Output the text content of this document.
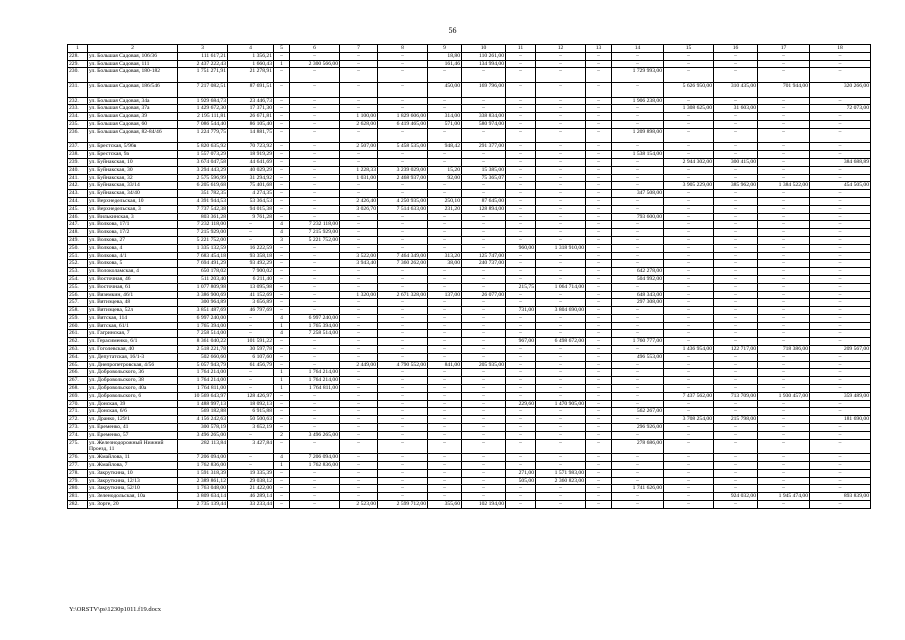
56
1	2	3	4	5	6	7	8	9	10	11	12	13	14	15	16	17	18
228.	ул. Большая Садовая, 106/36	111 617,21	1 356,21	–	–	–	–	18,80	110 261,00	–	–	–	–	–	–	–	–
229.	ул. Большая Садовая, 111	2 437 222,43	1 660,43	1	2 300 566,00	–	–	161,46	134 994,00	–	–	–	–	–	–	–	–
230.	ул. Большая Садовая, 180-182	1 751 271,91	21 278,91	–	–	–	–	–	–	–	–	–	1 729 993,00	–	–	–	–
231.	ул. Большая Садовая, 186/546	7 217 082,51	87 691,51	–	–	–	–	450,00	169 796,00	–	–	–	–	5 626 950,00	310 435,00	701 944,00	320 266,00
232.	ул. Большая Садовая, 34а	1 929 684,73	23 446,73	–	–	–	–	–	–	–	–	–	1 906 238,00	–	–	–	–
233.	ул. Большая Садовая, 37а	1 429 672,30	17 371,30	–	–	–	–	–	–	–	–	–	–	1 308 625,00	31 603,00	–	72 073,00
234.	ул. Большая Садовая, 39	2 195 111,81	26 671,81	–	–	1 100,00	1 829 606,00	314,00	338 834,00	–	–	–	–	–	–	–	–
235.	ул. Большая Садовая, 60	7 086 544,40	86 105,40	–	–	2 628,00	6 419 465,00	571,00	580 974,00	–	–	–	–	–	–	–	–
236.	ул. Большая Садовая, 82-84/46	1 224 779,75	14 881,75	–	–	–	–	–	–	–	–	–	1 209 898,00	–	–	–	–
237.	ул. Брестская, 5/96в	5 820 635,92	70 723,92	–	–	2 507,00	5 458 535,00	948,42	291 377,00	–	–	–	–	–	–	–	–
238.	ул. Брестская, 9а	1 557 073,29	18 919,29	–	–	–	–	–	–	–	–	–	1 538 154,00	–	–	–	–
239.	ул. Буйнакская, 10	3 674 047,58	44 641,69	–	–	–	–	–	–	–	–	–	–	2 944 302,00	300 415,00	–	384 688,89
240.	ул. Буйнакская, 30	3 294 443,29	40 029,29	–	–	1 228,33	3 239 029,00	15,20	15 385,00	–	–	–	–	–	–	–	–
241.	ул. Буйнакская, 32	2 575 596,99	31 294,92	–	–	1 031,00	2 468 937,00	92,00	75 365,07	–	–	–	–	–	–	–	–
242.	ул. Буйнакская, 33/14	6 205 619,68	75 401,68	–	–	–	–	–	–	–	–	–	–	3 905 229,00	385 962,00	1 384 522,00	454 505,00
243.	ул. Буйнакская, 34/40	351 782,35	4 274,35	–	–	–	–	–	–	–	–	–	347 508,00	–	–	–	–
244.	ул. Верхнедельская, 10	4 391 944,53	53 364,53	–	–	2 426,40	4 250 935,00	250,10	87 645,00	–	–	–	–	–	–	–	–
245.	ул. Верхнедельская, 3	7 737 542,38	94 015,38	–	–	3 026,70	7 514 633,00	231,20	128 894,00	–	–	–	–	–	–	–	–
246.	ул. Вилькинская, 3	803 361,28	9 761,28	–	–	–	–	–	–	–	–	–	793 600,00	–	–	–	–
247.	ул. Волкова, 17/1	7 232 118,00	–	4	7 232 118,00	–	–	–	–	–	–	–	–	–	–	–	–
248.	ул. Волкова, 17/2	7 215 929,00	–	4	7 215 929,00	–	–	–	–	–	–	–	–	–	–	–	–
249.	ул. Волкова, 27	5 221 752,00	–	3	5 221 752,00	–	–	–	–	–	–	–	–	–	–	–	–
250.	ул. Волкова, 4	1 335 132,59	16 222,59	–	–	–	–	–	–	960,00	1 318 910,00	–	–	–	–	–	–
251.	ул. Волкова, 4/1	7 683 454,18	93 358,18	–	–	3 522,00	7 464 349,00	313,20	125 747,00	–	–	–	–	–	–	–	–
252.	ул. Волкова, 5	7 694 491,29	93 492,29	–	–	3 943,40	7 360 262,00	38,00	240 737,00	–	–	–	–	–	–	–	–
253.	ул. Волоколамская, 4	650 178,02	7 900,02	–	–	–	–	–	–	–	–	–	642 278,00	–	–	–	–
254.	ул. Восточная, 46	511 203,40	6 211,40	–	–	–	–	–	–	–	–	–	504 992,00	–	–	–	–
255.	ул. Восточная, 61	1 077 809,98	13 095,98	–	–	–	–	–	–	215,75	1 064 714,00	–	–	–	–	–	–
256.	ул. Вяземкин, 46/1	3 386 900,69	41 152,69	–	–	1 320,00	2 671 328,00	137,00	26 077,00	–	–	–	648 343,00	–	–	–	–
257.	ул. Вятиэцева, 48	300 964,89	3 656,89	–	–	–	–	–	–	–	–	–	297 308,00	–	–	–	–
258.	ул. Вятиэцева, 52л	3 851 487,69	46 797,69	–	–	–	–	–	–	731,00	3 804 690,00	–	–	–	–	–	–
259.	ул. Вятская, 114	6 997 240,00	–	4	6 997 240,00	–	–	–	–	–	–	–	–	–	–	–	–
260.	ул. Вятская, 61/1	1 765 394,00	–	1	1 765 394,00	–	–	–	–	–	–	–	–	–	–	–	–
261.	ул. Гагринская, 7	7 258 514,00	–	4	7 258 514,00	–	–	–	–	–	–	–	–	–	–	–	–
262.	ул. Герасименко, 6/1	8 361 040,22	101 591,22	–	–	–	–	–	–	967,00	6 498 672,00	–	1 760 777,00	–	–	–	–
263.	ул. Гоголевская, 40	2 518 221,78	30 597,78	–	–	–	–	–	–	–	–	–	–	1 436 954,00	122 717,00	718 386,00	209 567,00
264.	ул. Депутатская, 16/1-3	502 660,60	6 107,60	–	–	–	–	–	–	–	–	–	496 553,00	–	–	–	–
265.	ул. Днепропетровская, 4/56	5 057 943,79	61 456,79	–	–	2 449,00	4 790 552,00	841,00	205 935,00	–	–	–	–	–	–	–	–
266.	ул. Добровольского, 36	1 764 214,00	–	1	1 764 214,00	–	–	–	–	–	–	–	–	–	–	–	–
267.	ул. Добровольского, 38	1 764 214,00	–	1	1 764 214,00	–	–	–	–	–	–	–	–	–	–	–	–
268.	ул. Добровольского, 40а	1 764 811,00	–	1	1 764 811,00	–	–	–	–	–	–	–	–	–	–	–	–
269.	ул. Добровольского, 6	10 569 643,97	128 426,97	–	–	–	–	–	–	–	–	–	–	7 437 562,00	713 709,00	1 930 457,00	359 489,00
270.	ул. Донская, 39	1 488 997,13	18 092,13	–	–	–	–	–	–	229,60	1 470 905,00	–	–	–	–	–	–
271.	ул. Донская, 6/6	569 182,88	6 915,88	–	–	–	–	–	–	–	–	–	562 267,00	–	–	–	–
272.	ул. Дранко, 129/1	4 156 242,63	50 500,63	–	–	–	–	–	–	–	–	–	–	3 708 254,00	215 798,00	–	181 690,00
273.	ул. Еременко, 41	300 578,19	3 652,19	–	–	–	–	–	–	–	–	–	296 926,00	–	–	–	–
274.	ул. Еременко, 57	3 496 265,00	–	2	3 496 265,00	–	–	–	–	–	–	–	–	–	–	–	–
275.	ул. Железнодорожный Нижний Проезд, 11	282 113,84	3 427,84	–	–	–	–	–	–	–	–	–	278 686,00	–	–	–	–
276.	ул. Жмайлова, 11	7 206 094,00	–	4	7 206 094,00	–	–	–	–	–	–	–	–	–	–	–	–
277.	ул. Жмайлова, 7	1 762 836,00	–	1	1 762 836,00	–	–	–	–	–	–	–	–	–	–	–	–
278.	ул. Закруткина, 10	1 591 318,39	19 335,39	–	–	–	–	–	–	271,00	1 571 983,00	–	–	–	–	–	–
279.	ул. Закруткина, 12/13	2 389 861,12	29 038,12	–	–	–	–	–	–	505,00	2 360 823,00	–	–	–	–	–	–
280.	ул. Закруткина, 52/10	1 763 048,00	21 422,00	–	–	–	–	–	–	–	–	–	1 741 626,00	–	–	–	–
281.	ул. Зеленодольская, 10а	3 809 634,14	46 289,14	–	–	–	–	–	–	–	–	–	–	–	924 032,00	1 945 474,00	893 839,00
282.	ул. Зорге, 20	2 735 139,44	33 233,44	–	–	2 523,00	2 599 712,00	355,60	102 194,00	–	–	–	–	–	–	–	–
Y:\ORSTV\ps\1230p1011.f19.docx
